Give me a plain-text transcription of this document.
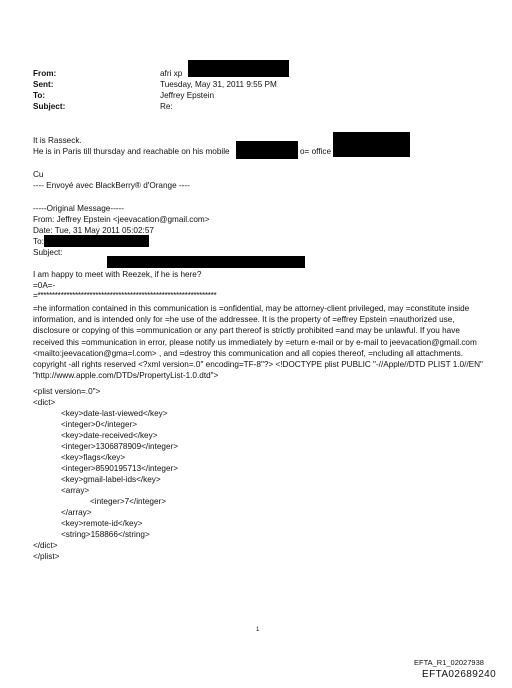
From:	afri xp
Sent:	Tuesday, May 31, 2011 9:55 PM
To:	Jeffrey Epstein
Subject:	Re:
It is Rasseck.
He is in Paris till thursday and reachable on his mobile	o= office
Cu
---- Envoyé avec BlackBerry® d'Orange ----
-----Original Message-----
From: Jeffrey Epstein <jeevacation@gmail.com>
Date: Tue, 31 May 2011 05:02:57
To:
Subject:
I am happy to meet with Reezek, if he is here?
=0A=-
=**************************************************************
=he information contained in this communication is =onfidential, may be attorney-client privileged, may =constitute inside information, and is intended only for =he use of the addressee. It is the property of =effrey Epstein =nauthorized use, disclosure or copying of this =ommunication or any part thereof is strictly prohibited =and may be unlawful. If you have received this =ommunication in error, please notify us immediately by =eturn e-mail or by e-mail to jeevacation@gmail.com <mailto:jeevacation@gma=l.com> , and =destroy this communication and all copies thereof, =ncluding all attachments. copyright -all rights reserved <?xml version=.0" encoding=TF-8"?> <!DOCTYPE plist PUBLIC "-//Apple//DTD PLIST 1.0//EN" "http://www.apple.com/DTDs/PropertyList-1.0.dtd">
<plist version=.0">
<dict>
<key>date-last-viewed</key>
<integer>0</integer>
<key>date-received</key>
<integer>1306878909</integer>
<key>flags</key>
<integer>8590195713</integer>
<key>gmail-label-ids</key>
<array>
<integer>7</integer>
</array>
<key>remote-id</key>
<string>158866</string>
</dict>
</plist>
1
EFTA_R1_02027938
EFTA02689240
